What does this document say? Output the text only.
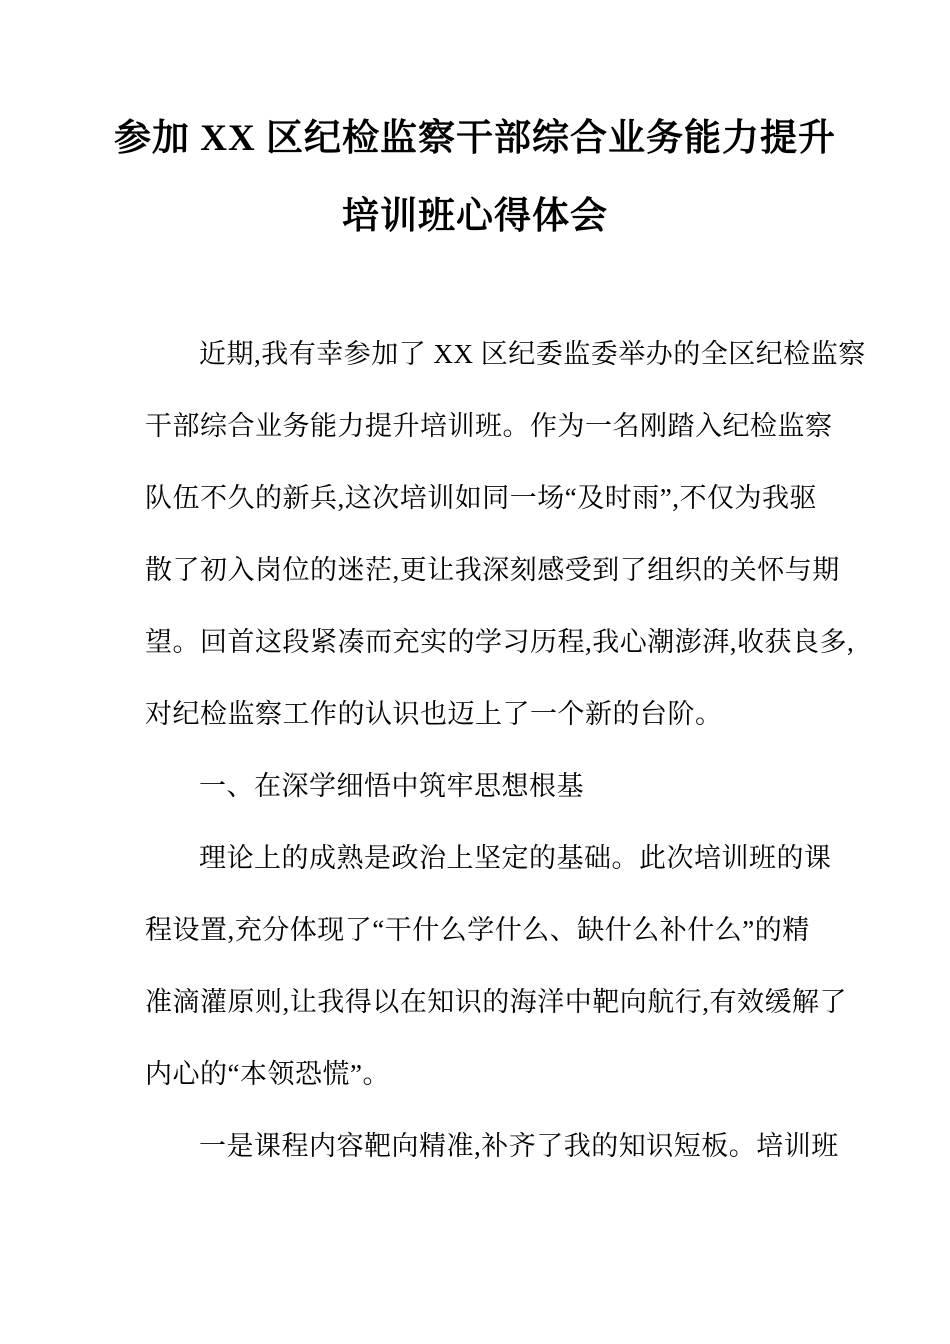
参加 XX 区纪检监察干部综合业务能力提升
培训班心得体会
近期,我有幸参加了 XX 区纪委监委举办的全区纪检监察
干部综合业务能力提升培训班。作为一名刚踏入纪检监察
队伍不久的新兵,这次培训如同一场“及时雨”,不仅为我驱
散了初入岗位的迷茫,更让我深刻感受到了组织的关怀与期
望。回首这段紧凑而充实的学习历程,我心潮澎湃,收获良多,
对纪检监察工作的认识也迈上了一个新的台阶。
一、在深学细悟中筑牢思想根基
理论上的成熟是政治上坚定的基础。此次培训班的课
程设置,充分体现了“干什么学什么、缺什么补什么”的精
准滴灌原则,让我得以在知识的海洋中靶向航行,有效缓解了
内心的“本领恐慌”。
一是课程内容靶向精准,补齐了我的知识短板。培训班
